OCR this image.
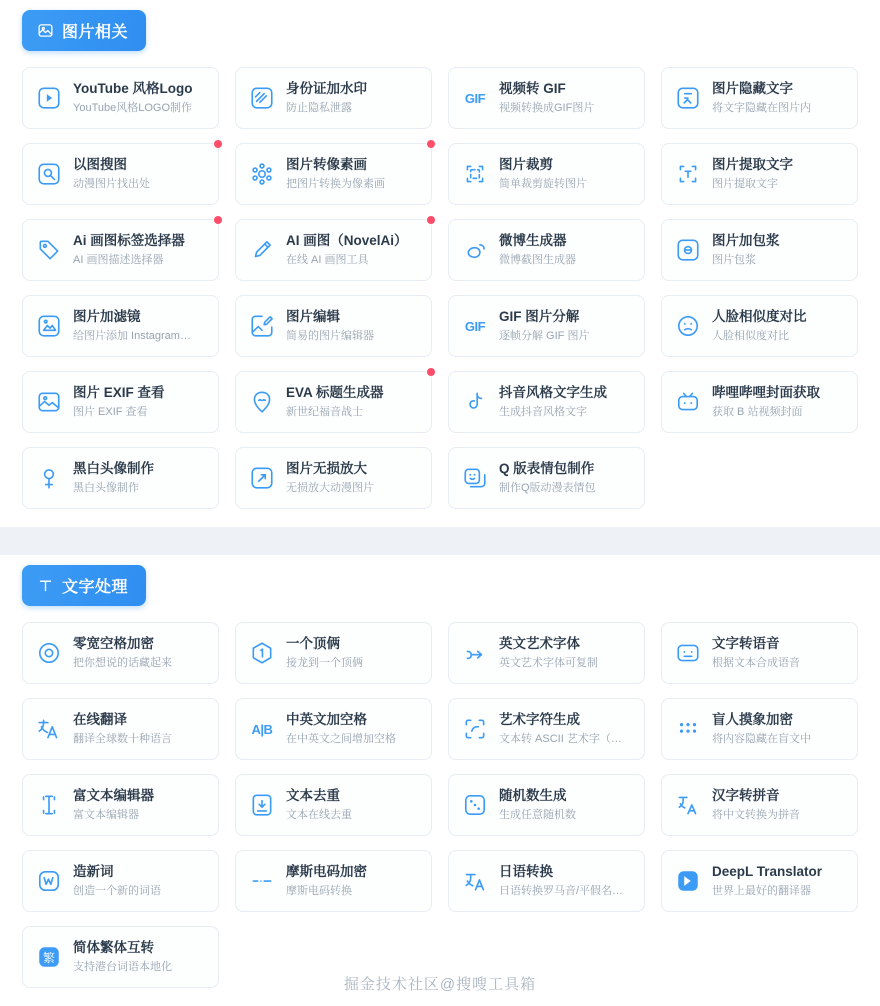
图片相关
YouTube 风格Logo
YouTube风格LOGO制作
身份证加水印
防止隐私泄露
GIF
视频转 GIF
视频转换成GIF图片
图片隐藏文字
将文字隐藏在图片内
以图搜图
动漫图片找出处
图片转像素画
把图片转换为像素画
图片裁剪
简单裁剪旋转图片
图片提取文字
图片提取文字
Ai 画图标签选择器
AI 画图描述选择器
AI 画图（NovelAi）
在线 AI 画图工具
微博生成器
微博截图生成器
图片加包浆
图片包浆
图片加滤镜
给图片添加 Instagram…
图片编辑
简易的图片编辑器
GIF
GIF 图片分解
逐帧分解 GIF 图片
人脸相似度对比
人脸相似度对比
图片 EXIF 查看
图片 EXIF 查看
EVA 标题生成器
新世纪福音战士
抖音风格文字生成
生成抖音风格文字
哔哩哔哩封面获取
获取 B 站视频封面
黑白头像制作
黑白头像制作
图片无损放大
无损放大动漫图片
Q 版表情包制作
制作Q版动漫表情包
文字处理
零宽空格加密
把你想说的话藏起来
一个顶俩
接龙到一个顶俩
英文艺术字体
英文艺术字体可复制
文字转语音
根据文本合成语音
在线翻译
翻译全球数十种语言
A|B
中英文加空格
在中英文之间增加空格
艺术字符生成
文本转 ASCII 艺术字（…
盲人摸象加密
将内容隐藏在盲文中
富文本编辑器
富文本编辑器
文本去重
文本在线去重
随机数生成
生成任意随机数
汉字转拼音
将中文转换为拼音
造新词
创造一个新的词语
摩斯电码加密
摩斯电码转换
日语转换
日语转换罗马音/平假名…
DeepL Translator
世界上最好的翻译器
繁
简体繁体互转
支持港台词语本地化
掘金技术社区@搜嗖工具箱
